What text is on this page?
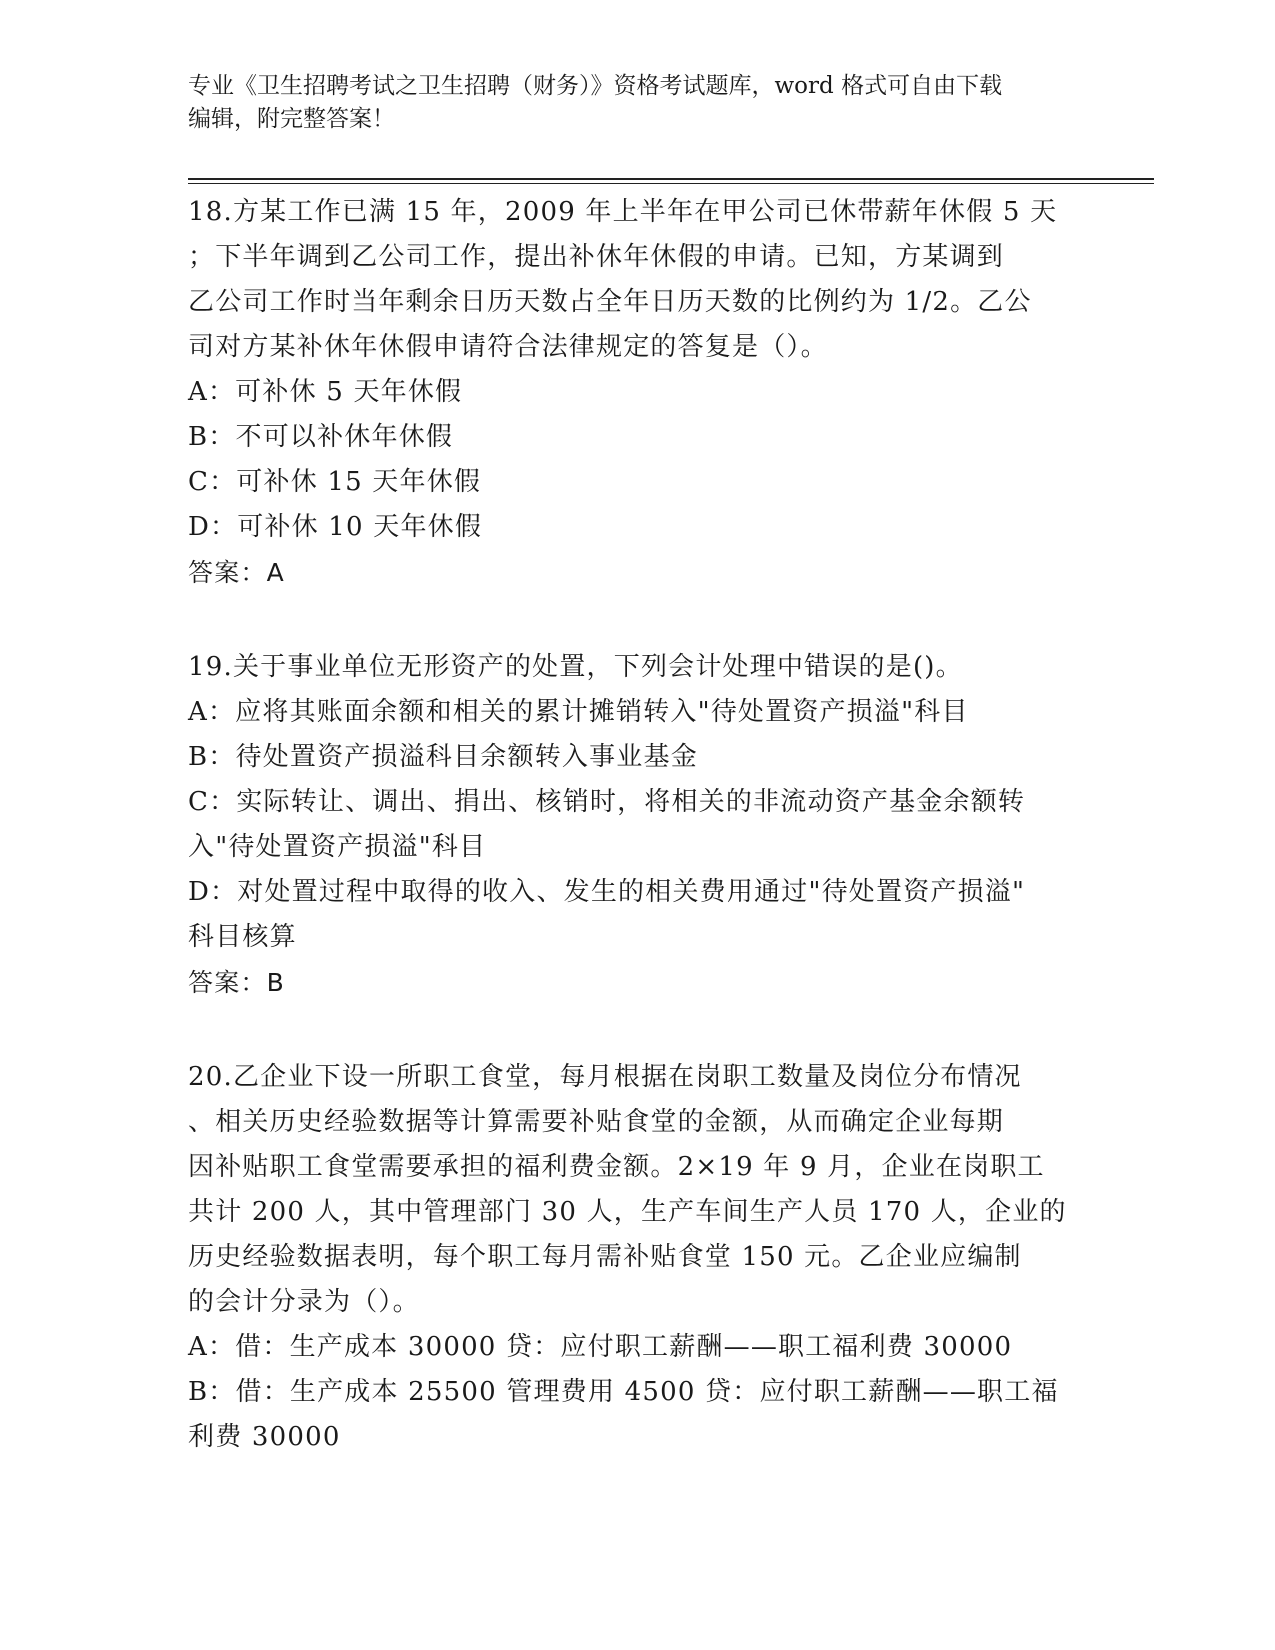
专业《卫生招聘考试之卫生招聘（财务）》资格考试题库，word 格式可自由下载
编辑，附完整答案！

18.方某工作已满 15 年，2009 年上半年在甲公司已休带薪年休假 5 天

；下半年调到乙公司工作，提出补休年休假的申请。已知，方某调到

乙公司工作时当年剩余日历天数占全年日历天数的比例约为 1/2。乙公

司对方某补休年休假申请符合法律规定的答复是（）。

A：可补休 5 天年休假

B：不可以补休年休假

C：可补休 15 天年休假

D：可补休 10 天年休假

答案：A

19.关于事业单位无形资产的处置，下列会计处理中错误的是()。

A：应将其账面余额和相关的累计摊销转入"待处置资产损溢"科目

B：待处置资产损溢科目余额转入事业基金

C：实际转让、调出、捐出、核销时，将相关的非流动资产基金余额转

入"待处置资产损溢"科目

D：对处置过程中取得的收入、发生的相关费用通过"待处置资产损溢"

科目核算

答案：B

20.乙企业下设一所职工食堂，每月根据在岗职工数量及岗位分布情况

、相关历史经验数据等计算需要补贴食堂的金额，从而确定企业每期

因补贴职工食堂需要承担的福利费金额。2×19 年 9 月，企业在岗职工

共计 200 人，其中管理部门 30 人，生产车间生产人员 170 人，企业的

历史经验数据表明，每个职工每月需补贴食堂 150 元。乙企业应编制

的会计分录为（）。

A：借：生产成本 30000 贷：应付职工薪酬——职工福利费 30000

B：借：生产成本 25500 管理费用 4500 贷：应付职工薪酬——职工福

利费 30000
